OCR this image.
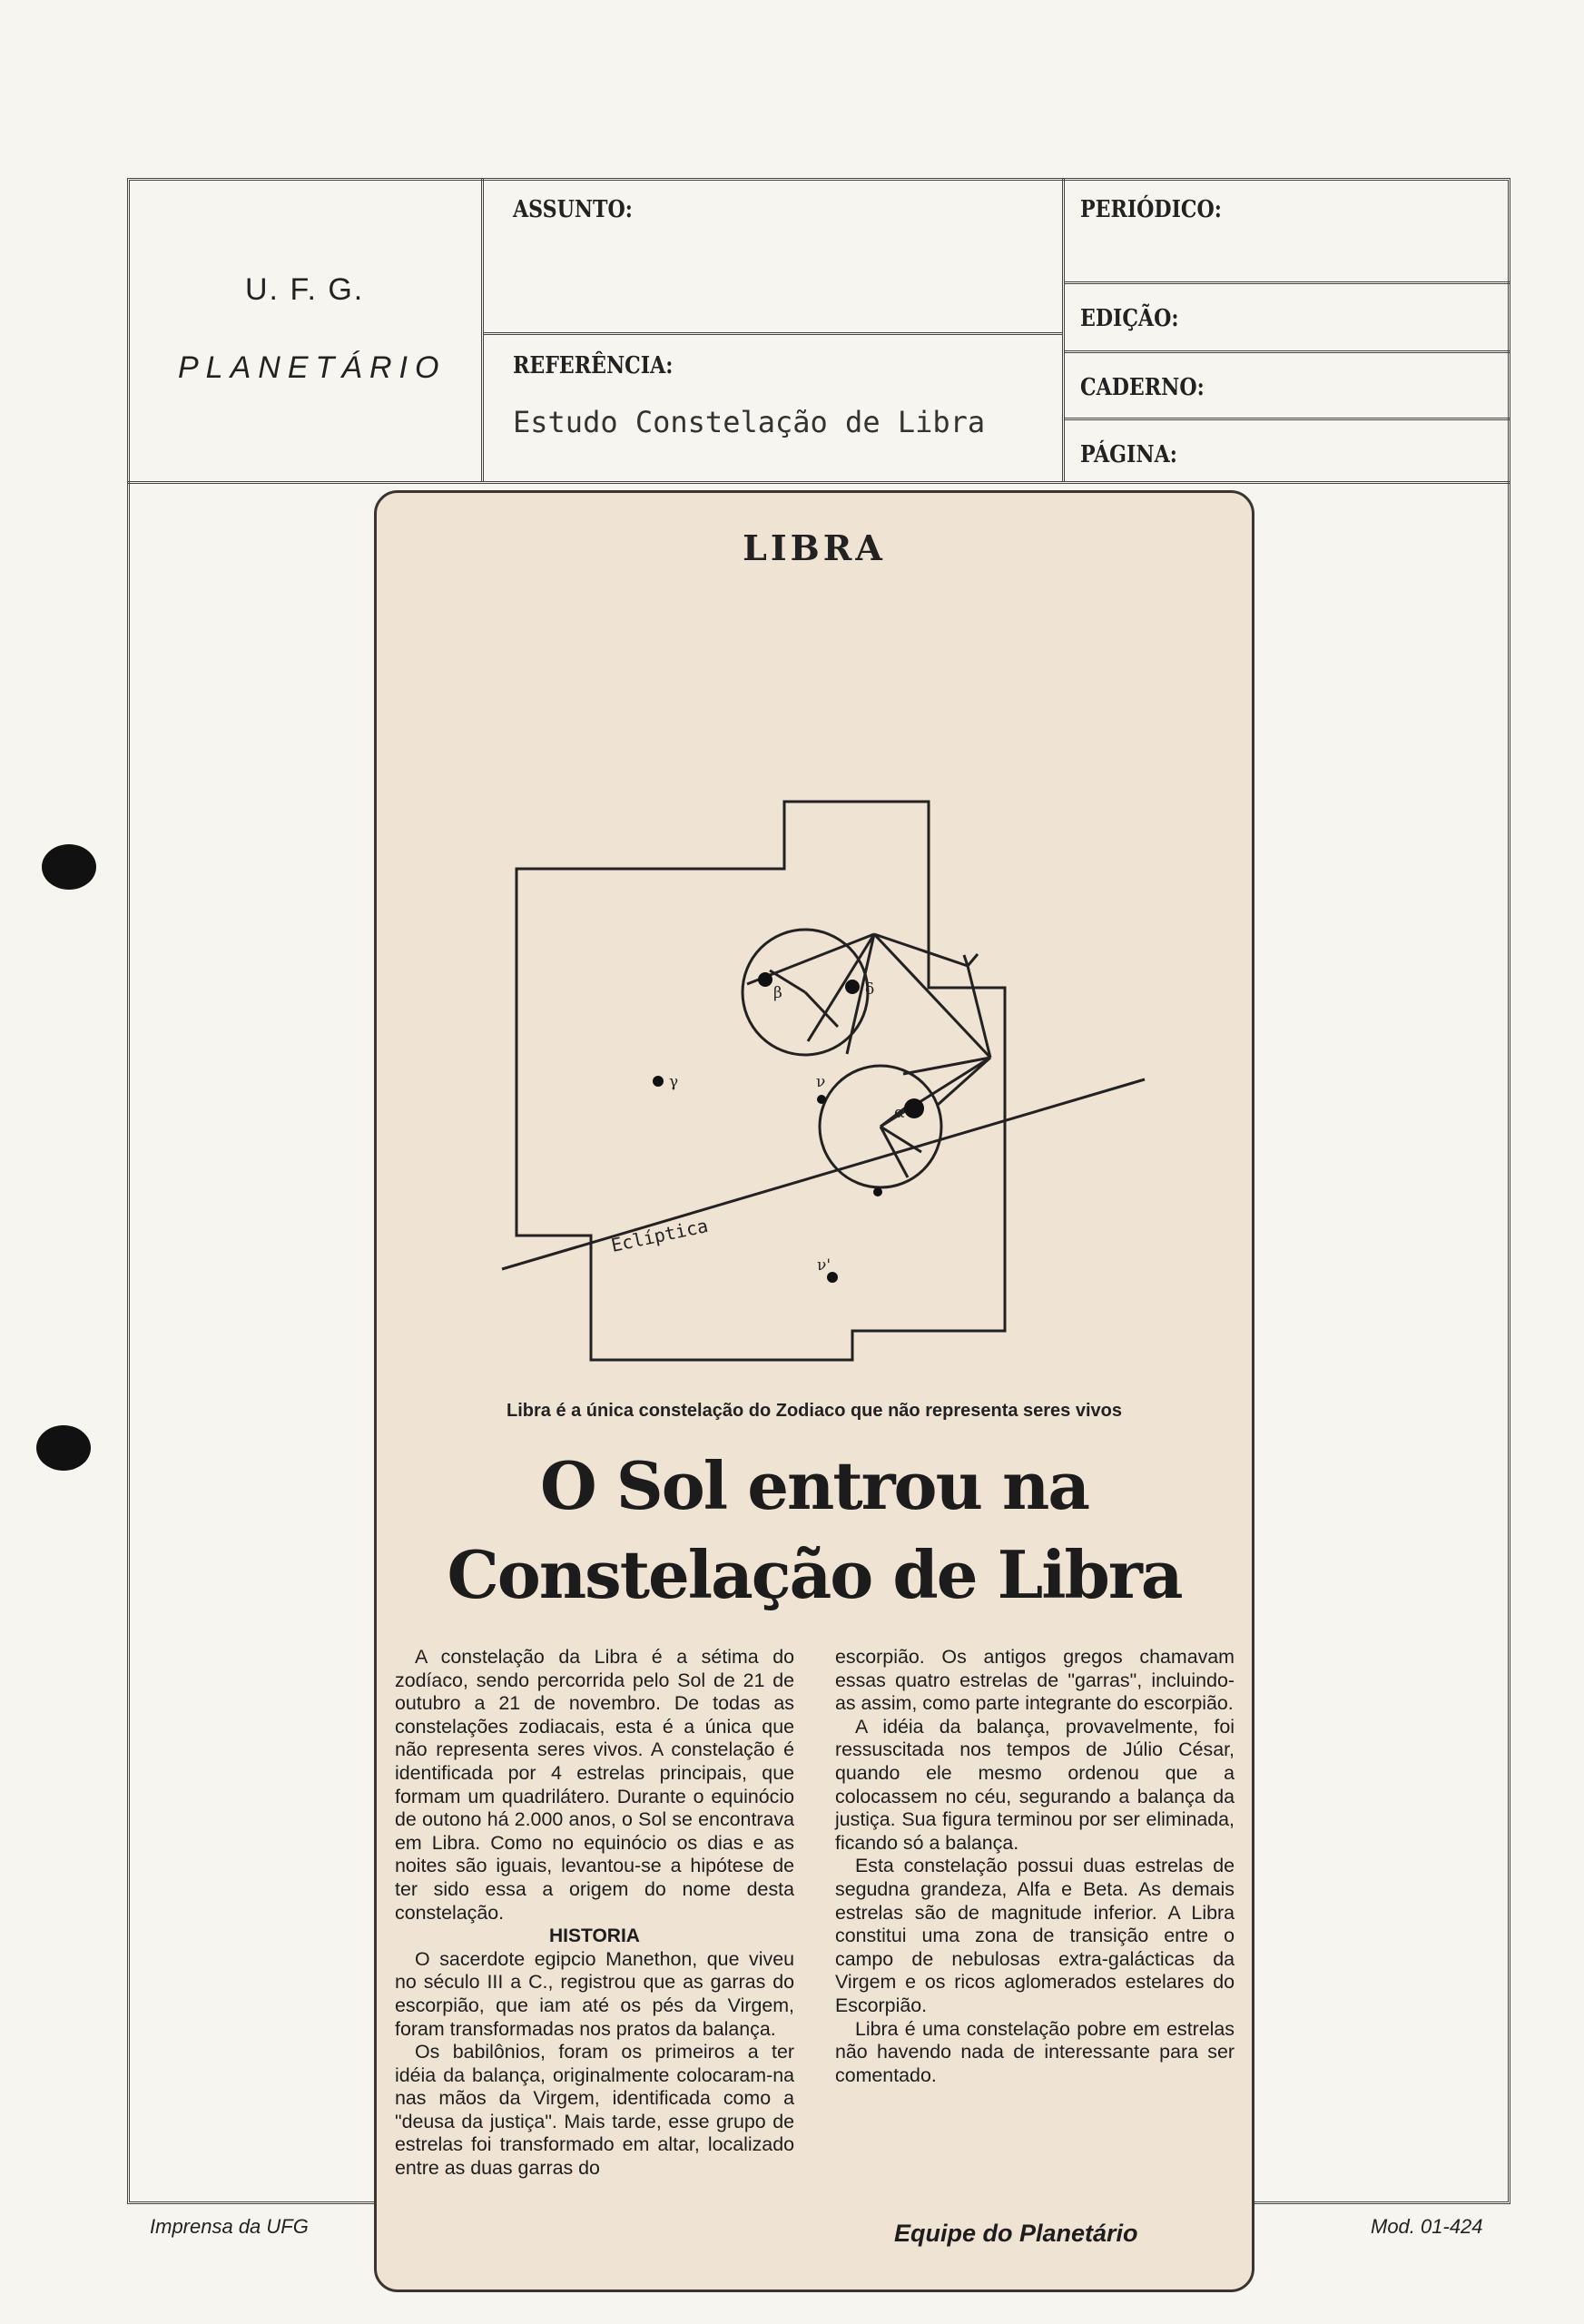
U. F. G.
PLANETÁRIO
ASSUNTO:
REFERÊNCIA:
Estudo Constelação de Libra
PERIÓDICO:
EDIÇÃO:
CADERNO:
PÁGINA:
Imprensa da UFG	Mod. 01-424
LIBRA
Eclíptica
β	δ
γ	ν
α
ν'
Libra é a única constelação do Zodiaco que não representa seres vivos
O Sol entrou na
Constelação de Libra

A constelação da Libra é a sétima do zodíaco, sendo percorrida pelo Sol de 21 de outubro a 21 de novembro. De todas as constelações zodiacais, esta é a única que não representa seres vivos. A constelação é identificada por 4 estrelas principais, que formam um quadrilátero. Durante o equinócio de outono há 2.000 anos, o Sol se encontrava em Libra. Como no equinócio os dias e as noites são iguais, levantou-se a hipótese de ter sido essa a origem do nome desta constelação.

HISTORIA

O sacerdote egipcio Manethon, que viveu no século III a C., registrou que as garras do escorpião, que iam até os pés da Virgem, foram transformadas nos pratos da balança.

Os babilônios, foram os primeiros a ter idéia da balança, originalmente colocaram-na nas mãos da Virgem, identificada como a "deusa da justiça". Mais tarde, esse grupo de estrelas foi transformado em altar, localizado entre as duas garras do

escorpião. Os antigos gregos chamavam essas quatro estrelas de "garras", incluindo-as assim, como parte integrante do escorpião.

A idéia da balança, provavelmente, foi ressuscitada nos tempos de Júlio César, quando ele mesmo ordenou que a colocassem no céu, segurando a balança da justiça. Sua figura terminou por ser eliminada, ficando só a balança.

Esta constelação possui duas estrelas de segudna grandeza, Alfa e Beta. As demais estrelas são de magnitude inferior. A Libra constitui uma zona de transição entre o campo de nebulosas extra-galácticas da Virgem e os ricos aglomerados estelares do Escorpião.

Libra é uma constelação pobre em estrelas não havendo nada de interessante para ser comentado.

Equipe do Planetário
